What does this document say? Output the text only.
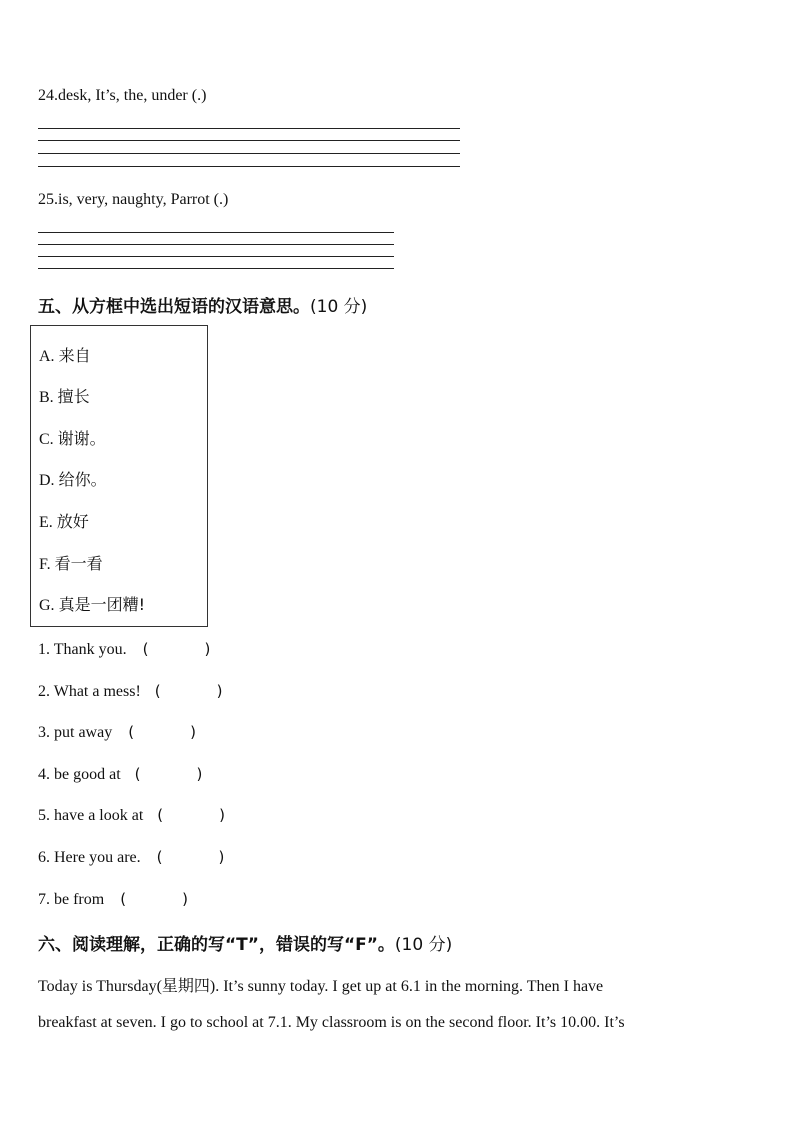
24.desk, It’s, the, under (.)
25.is, very, naughty, Parrot (.)
五、从方框中选出短语的汉语意思。(10 分)
A. 来自
B. 擅长
C. 谢谢。
D. 给你。
E. 放好
F. 看一看
G. 真是一团糟!
1. Thank you. (	)
2. What a mess! (	)
3. put away (	)
4. be good at (	)
5. have a look at (	)
6. Here you are. (	)
7. be from (	)
六、阅读理解，正确的写“T”，错误的写“F”。(10 分)
Today is Thursday(星期四). It’s sunny today. I get up at 6.1 in the morning. Then I have
breakfast at seven. I go to school at 7.1. My classroom is on the second floor. It’s 10.00. It’s
